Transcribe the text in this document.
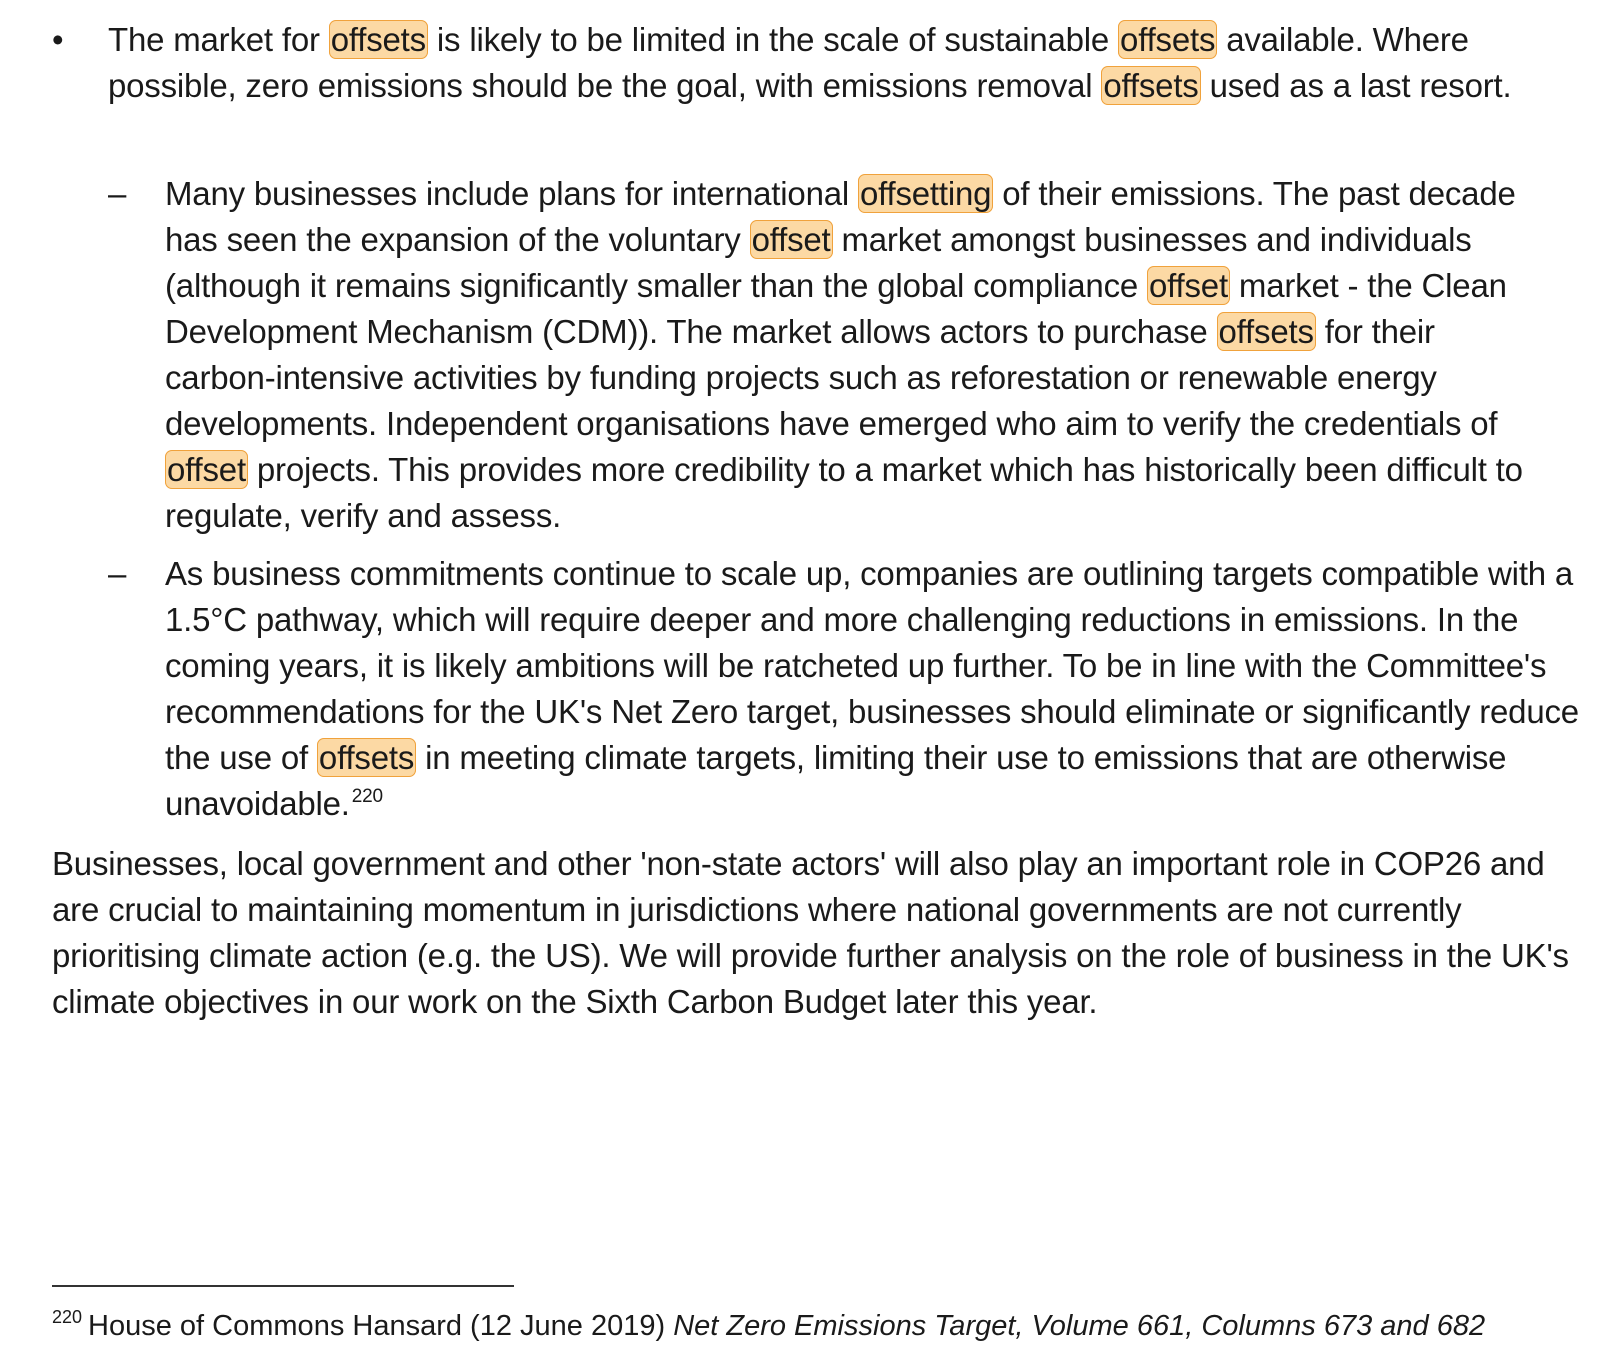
• The market for offsets is likely to be limited in the scale of sustainable offsets available. Where possible, zero emissions should be the goal, with emissions removal offsets used as a last resort.

– Many businesses include plans for international offsetting of their emissions. The past decade has seen the expansion of the voluntary offset market amongst businesses and individuals (although it remains significantly smaller than the global compliance offset market - the Clean Development Mechanism (CDM)). The market allows actors to purchase offsets for their carbon-intensive activities by funding projects such as reforestation or renewable energy developments. Independent organisations have emerged who aim to verify the credentials of offset projects. This provides more credibility to a market which has historically been difficult to regulate, verify and assess.

– As business commitments continue to scale up, companies are outlining targets compatible with a 1.5°C pathway, which will require deeper and more challenging reductions in emissions. In the coming years, it is likely ambitions will be ratcheted up further. To be in line with the Committee's recommendations for the UK's Net Zero target, businesses should eliminate or significantly reduce the use of offsets in meeting climate targets, limiting their use to emissions that are otherwise unavoidable. $^{220}$

Businesses, local government and other 'non-state actors' will also play an important role in COP26 and are crucial to maintaining momentum in jurisdictions where national governments are not currently prioritising climate action (e.g. the US). We will provide further analysis on the role of business in the UK's climate objectives in our work on the Sixth Carbon Budget later this year.

$^{220}$ House of Commons Hansard (12 June 2019) Net Zero Emissions Target, Volume 661, Columns 673 and 682
